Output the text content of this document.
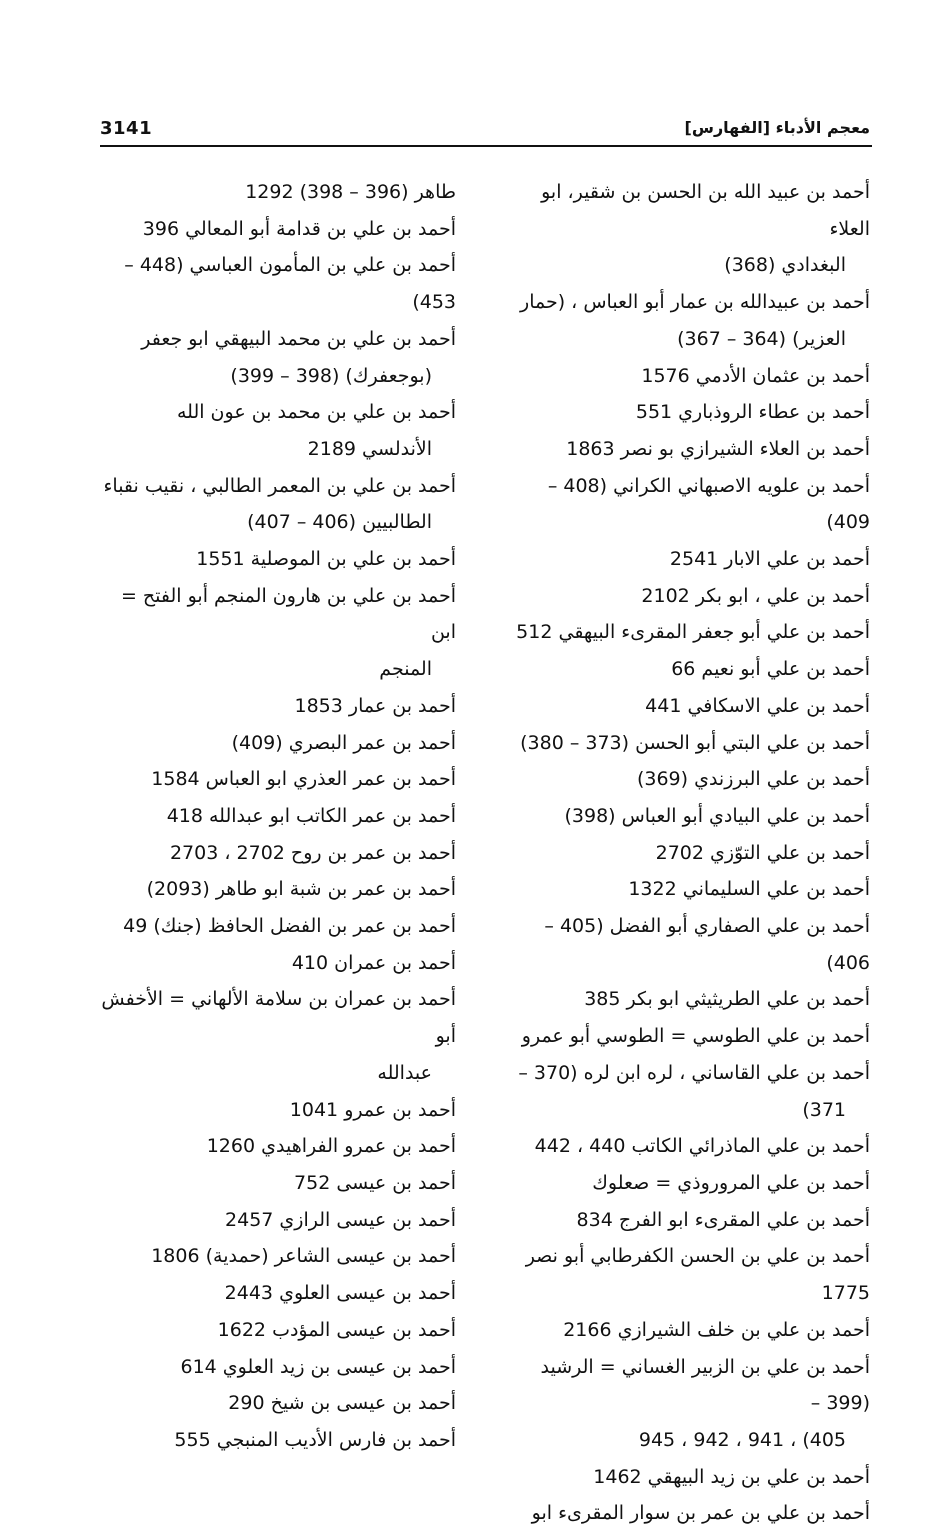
معجم الأدباء [الفهارس]
3141
أحمد بن عبيد الله بن الحسن بن شقير، ابو العلاء
البغدادي (368)
أحمد بن عبيدالله بن عمار أبو العباس ، (حمار
العزير) (364 – 367)
أحمد بن عثمان الأدمي 1576
أحمد بن عطاء الروذباري 551
أحمد بن العلاء الشيرازي بو نصر 1863
أحمد بن علويه الاصبهاني الكراني (408 – 409)
أحمد بن علي الابار 2541
أحمد بن علي ، ابو بكر 2102
أحمد بن علي أبو جعفر المقرىء البيهقي 512
أحمد بن علي أبو نعيم 66
أحمد بن علي الاسكافي 441
أحمد بن علي البتي أبو الحسن (373 – 380)
أحمد بن علي البرزندي (369)
أحمد بن علي البيادي أبو العباس (398)
أحمد بن علي التوّزي 2702
أحمد بن علي السليماني 1322
أحمد بن علي الصفاري أبو الفضل (405 – 406)
أحمد بن علي الطريثيثي ابو بكر 385
أحمد بن علي الطوسي = الطوسي أبو عمرو
أحمد بن علي القاساني ، لره ابن لره (370 –
371)
أحمد بن علي الماذرائي الكاتب 440 ، 442
أحمد بن علي المروروذي = صعلوك
أحمد بن علي المقرىء ابو الفرج 834
أحمد بن علي بن الحسن الكفرطابي أبو نصر 1775
أحمد بن علي بن خلف الشيرازي 2166
أحمد بن علي بن الزبير الغساني = الرشيد (399 –
405) ، 941 ، 942 ، 945
أحمد بن علي بن زيد البيهقي 1462
أحمد بن علي بن عمر بن سوار المقرىء ابو
طاهر (396 – 398) 1292
أحمد بن علي بن قدامة أبو المعالي 396
أحمد بن علي بن المأمون العباسي (448 – 453)
أحمد بن علي بن محمد البيهقي ابو جعفر
(بوجعفرك) (398 – 399)
أحمد بن علي بن محمد بن عون الله
الأندلسي 2189
أحمد بن علي بن المعمر الطالبي ، نقيب نقباء
الطالبيين (406 – 407)
أحمد بن علي بن الموصلية 1551
أحمد بن علي بن هارون المنجم أبو الفتح = ابن
المنجم
أحمد بن عمار 1853
أحمد بن عمر البصري (409)
أحمد بن عمر العذري ابو العباس 1584
أحمد بن عمر الكاتب ابو عبدالله 418
أحمد بن عمر بن روح 2702 ، 2703
أحمد بن عمر بن شبة ابو طاهر (2093)
أحمد بن عمر بن الفضل الحافظ (جنك) 49
أحمد بن عمران 410
أحمد بن عمران بن سلامة الألهاني = الأخفش أبو
عبدالله
أحمد بن عمرو 1041
أحمد بن عمرو الفراهيدي 1260
أحمد بن عيسى 752
أحمد بن عيسى الرازي 2457
أحمد بن عيسى الشاعر (حمدية) 1806
أحمد بن عيسى العلوي 2443
أحمد بن عيسى المؤدب 1622
أحمد بن عيسى بن زيد العلوي 614
أحمد بن عيسى بن شيخ 290
أحمد بن فارس الأديب المنبجي 555
